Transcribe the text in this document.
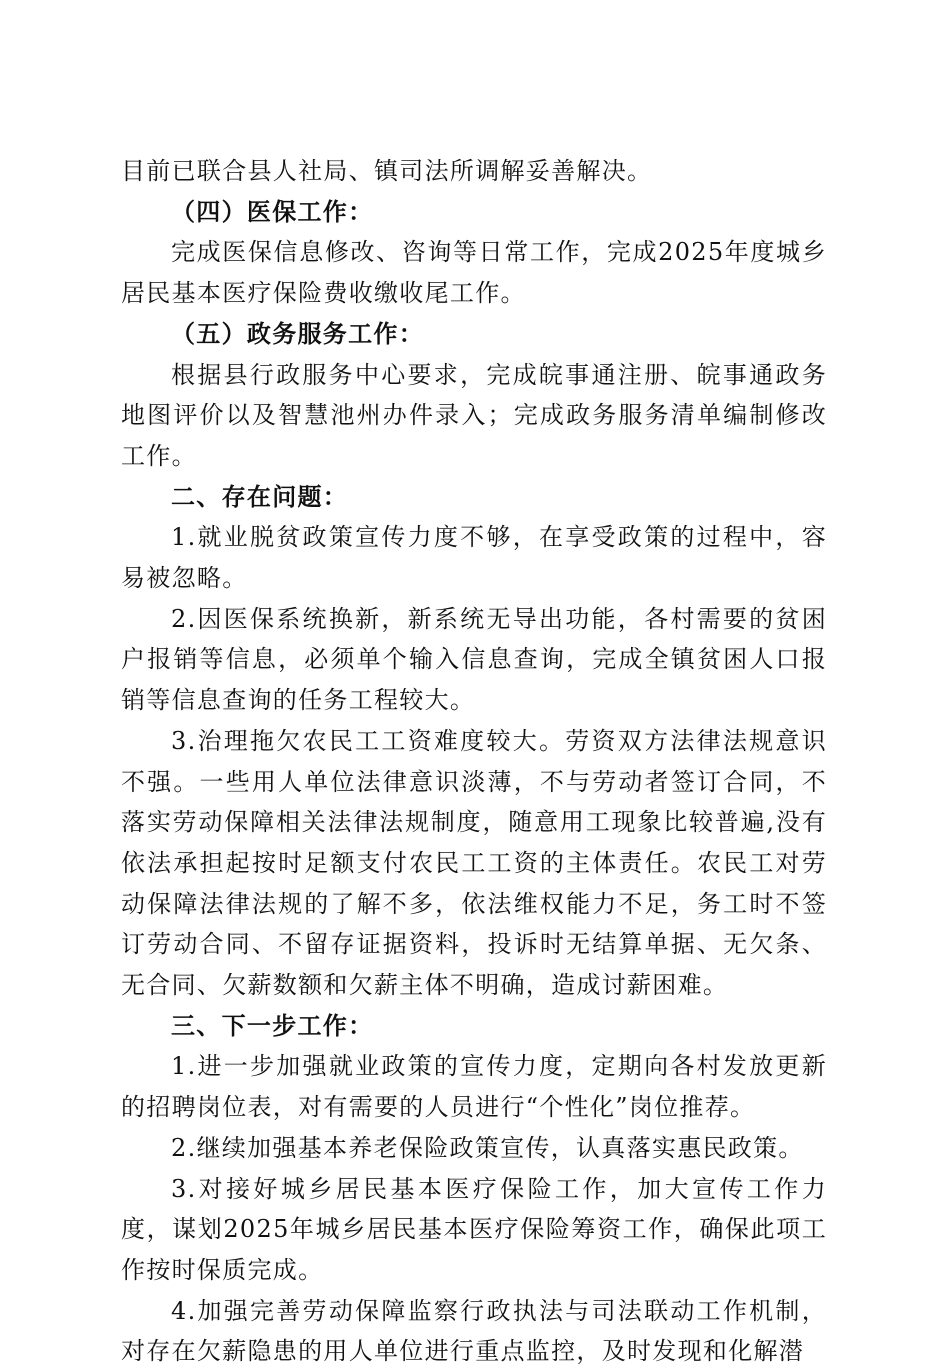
目前已联合县人社局、镇司法所调解妥善解决。

（四）医保工作：

完成医保信息修改、咨询等日常工作，完成2025年度城乡居民基本医疗保险费收缴收尾工作。

（五）政务服务工作：

根据县行政服务中心要求，完成皖事通注册、皖事通政务地图评价以及智慧池州办件录入；完成政务服务清单编制修改工作。

二、存在问题：

1.就业脱贫政策宣传力度不够，在享受政策的过程中，容易被忽略。

2.因医保系统换新，新系统无导出功能，各村需要的贫困户报销等信息，必须单个输入信息查询，完成全镇贫困人口报销等信息查询的任务工程较大。

3.治理拖欠农民工工资难度较大。劳资双方法律法规意识不强。一些用人单位法律意识淡薄，不与劳动者签订合同，不落实劳动保障相关法律法规制度，随意用工现象比较普遍,没有依法承担起按时足额支付农民工工资的主体责任。农民工对劳动保障法律法规的了解不多，依法维权能力不足，务工时不签订劳动合同、不留存证据资料，投诉时无结算单据、无欠条、无合同、欠薪数额和欠薪主体不明确，造成讨薪困难。

三、下一步工作：

1.进一步加强就业政策的宣传力度，定期向各村发放更新的招聘岗位表，对有需要的人员进行“个性化”岗位推荐。

2.继续加强基本养老保险政策宣传，认真落实惠民政策。

3.对接好城乡居民基本医疗保险工作，加大宣传工作力度，谋划2025年城乡居民基本医疗保险筹资工作，确保此项工作按时保质完成。

4.加强完善劳动保障监察行政执法与司法联动工作机制，对存在欠薪隐患的用人单位进行重点监控，及时发现和化解潜
